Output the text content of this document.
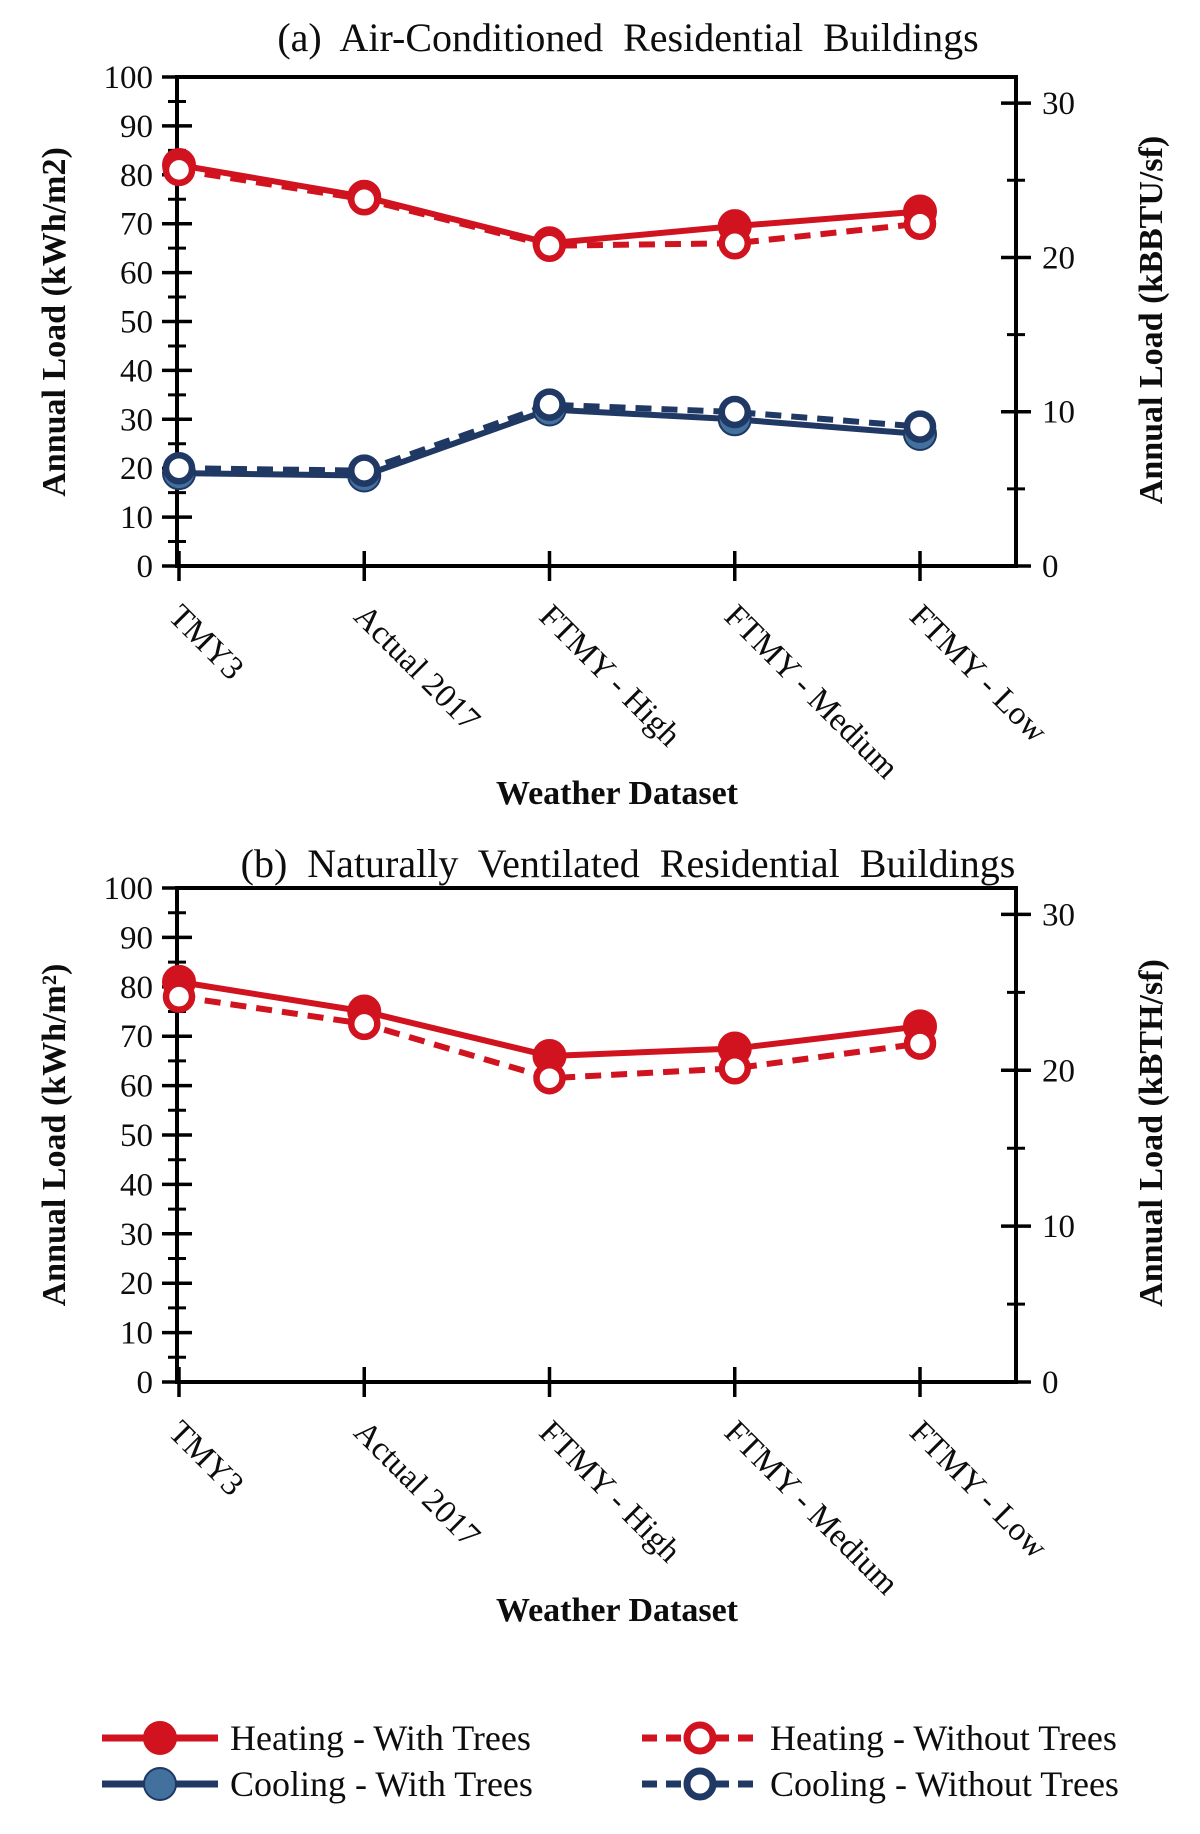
0
10
20
30
40
50
60
70
80
90
100
0
10
20
30
TMY3	Actual 2017 FTMY - High FTMY - Medium
FTMY - Low
0
10
20
30
40
50
60
70
80
90
100
0
10
20
30
TMY3	Actual 2017 FTMY - High FTMY - Medium
FTMY - Low
(a) Air-Conditioned Residential Buildings
Annual Load (kWh/m2)	Annual Load (kBBTU/sf)
Weather Dataset
(b) Naturally Ventilated Residential Buildings
Annual Load (kWh/m²)	Annual Load (kBTH/sf)
Weather Dataset
Heating - With Trees	Heating - Without Trees
Cooling - With Trees	Cooling - Without Trees
